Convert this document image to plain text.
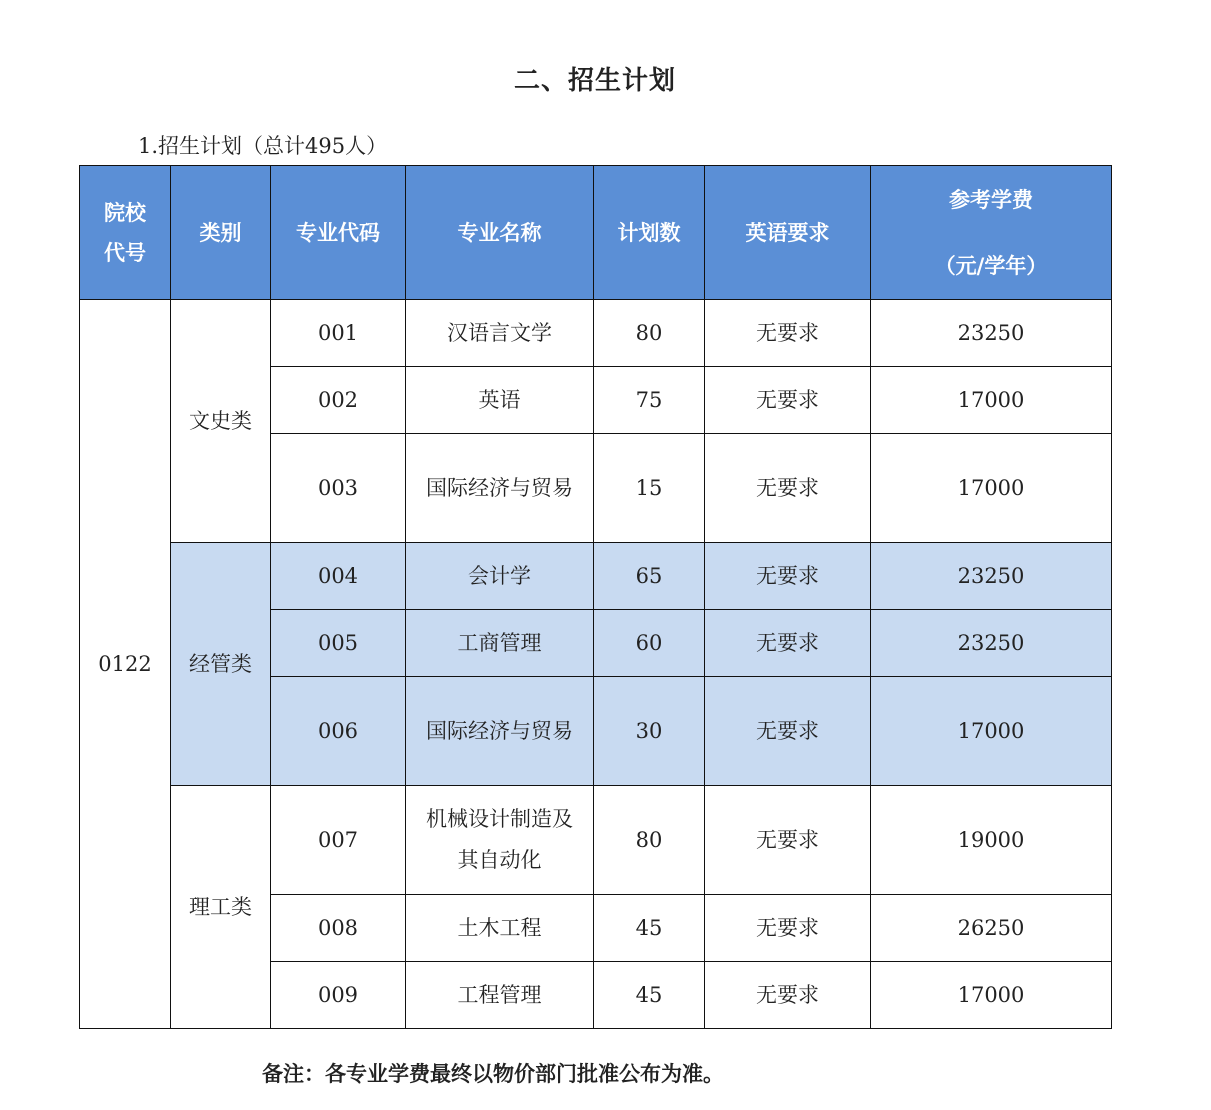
二、招生计划
1.招生计划（总计495人）
院校代号	类别	专业代码	专业名称	计划数	英语要求	参考学费
（元/学年）

0122	文史类	001	汉语言文学	80	无要求	23250
		002	英语	75	无要求	17000
		003	国际经济与贸易	15	无要求	17000
	经管类	004	会计学	65	无要求	23250
		005	工商管理	60	无要求	23250
		006	国际经济与贸易	30	无要求	17000
	理工类	007	机械设计制造及其自动化	80	无要求	19000
		008	土木工程	45	无要求	26250
		009	工程管理	45	无要求	17000
备注：各专业学费最终以物价部门批准公布为准。
